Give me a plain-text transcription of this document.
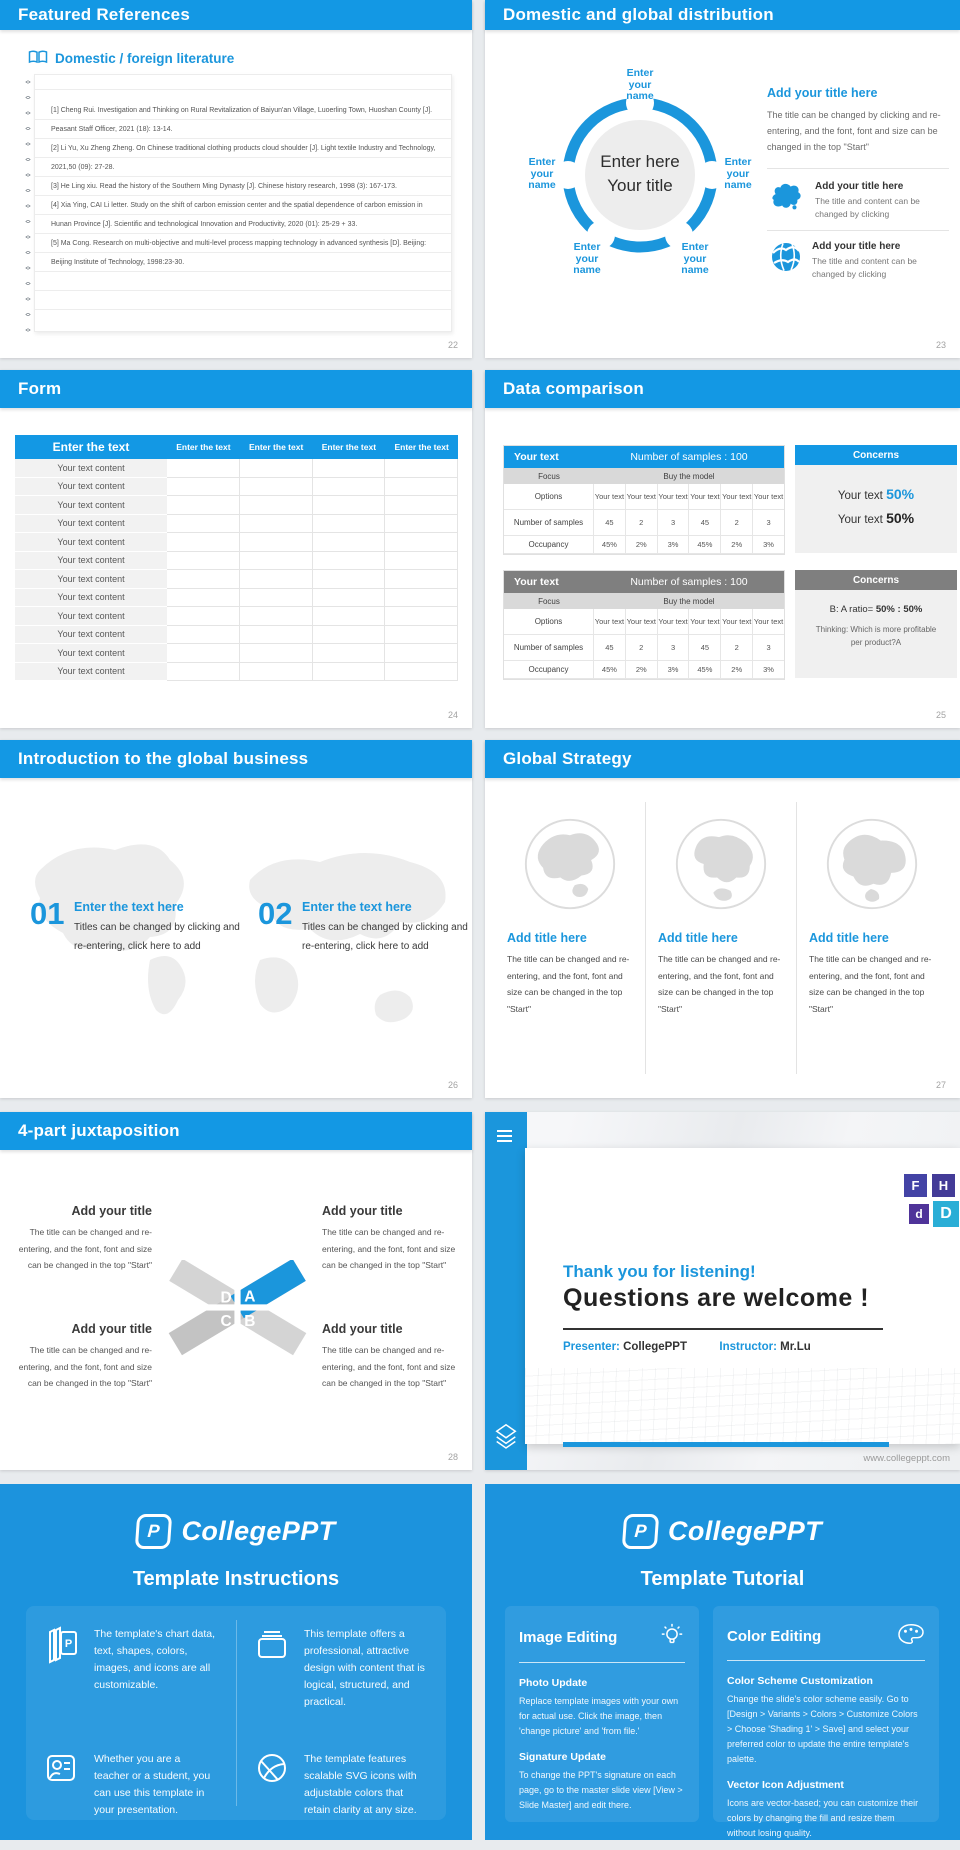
Featured References
Domestic / foreign literature
[1] Cheng Rui. Investigation and Thinking on Rural Revitalization of Baiyun'an Village, Luoerling Town, Huoshan County [J]. Peasant Staff Officer, 2021 (18): 13-14.
[2] Li Yu, Xu Zheng Zheng. On Chinese traditional clothing products cloud shoulder [J]. Light textile Industry and Technology, 2021,50 (09): 27-28.
[3] He Ling xiu. Read the history of the Southern Ming Dynasty [J]. Chinese history research, 1998 (3): 167-173.
[4] Xia Ying, CAI Li letter. Study on the shift of carbon emission center and the spatial dependence of carbon emission in Hunan Province [J]. Scientific and technological Innovation and Productivity, 2020 (01): 25-29 + 33.
[5] Ma Cong. Research on multi-objective and multi-level process mapping technology in advanced synthesis [D]. Beijing: Beijing Institute of Technology, 1998:23-30.
22
Domestic and global distribution
Enter here
Your title
Enter your name
Enter your name
Enter your name
Enter your name
Enter your name
Add your title here
The title can be changed by clicking and re-entering, and the font, font and size can be changed in the top "Start"
Add your title here
The title and content can be changed by clicking
Add your title here
The title and content can be changed by clicking
23
Form
Enter the text	Enter the text	Enter the text	Enter the text	Enter the text
Your text content
Your text content
Your text content
Your text content
Your text content
Your text content
Your text content
Your text content
Your text content
Your text content
Your text content
Your text content
24
Data comparison
Your text	Number of samples : 100
Focus	Buy the model
Options	Your text Your text Your text Your text Your text Your text
Number of samples	45	2	3	45	2	3
Occupancy	45%	2%	3%	45%	2%	3%
Concerns
Your text 50%
Your text 50%
Your text	Number of samples : 100
Focus	Buy the model
Options	Your text Your text Your text Your text Your text Your text
Number of samples	45	2	3	45	2	3
Occupancy	45%	2%	3%	45%	2%	3%
Concerns
B: A ratio= 50% : 50%
Thinking: Which is more profitable per product?A
25
Introduction to the global business
01 Enter the text here
Titles can be changed by clicking and re-entering, click here to add
02 Enter the text here
Titles can be changed by clicking and re-entering, click here to add
26
Global Strategy
Add title here
The title can be changed and re-entering, and the font, font and size can be changed in the top "Start"
Add title here
The title can be changed and re-entering, and the font, font and size can be changed in the top "Start"
Add title here
The title can be changed and re-entering, and the font, font and size can be changed in the top "Start"
27
4-part juxtaposition
Add your title
The title can be changed and re-entering, and the font, font and size can be changed in the top "Start"
Add your title
The title can be changed and re-entering, and the font, font and size can be changed in the top "Start"
Add your title
The title can be changed and re-entering, and the font, font and size can be changed in the top "Start"
Add your title
The title can be changed and re-entering, and the font, font and size can be changed in the top "Start"
D A
C B
28
F	H
d	D
Thank you for listening!
Questions are welcome !
Presenter: CollegePPT	Instructor: Mr.Lu
www.collegeppt.com
P CollegePPT
Template Instructions
P
The template's chart data, text, shapes, colors, images, and icons are all customizable.
This template offers a professional, attractive design with content that is logical, structured, and practical.
Whether you are a teacher or a student, you can use this template in your presentation.
The template features scalable SVG icons with adjustable colors that retain clarity at any size.
P CollegePPT
Template Tutorial
Image Editing
Photo Update
Replace template images with your own for actual use. Click the image, then 'change picture' and 'from file.'
Signature Update
To change the PPT's signature on each page, go to the master slide view [View > Slide Master] and edit there.
Color Editing
Color Scheme Customization
Change the slide's color scheme easily. Go to [Design > Variants > Colors > Customize Colors > Choose 'Shading 1' > Save] and select your preferred color to update the entire template's palette.
Vector Icon Adjustment
Icons are vector-based; you can customize their colors by changing the fill and resize them without losing quality.
